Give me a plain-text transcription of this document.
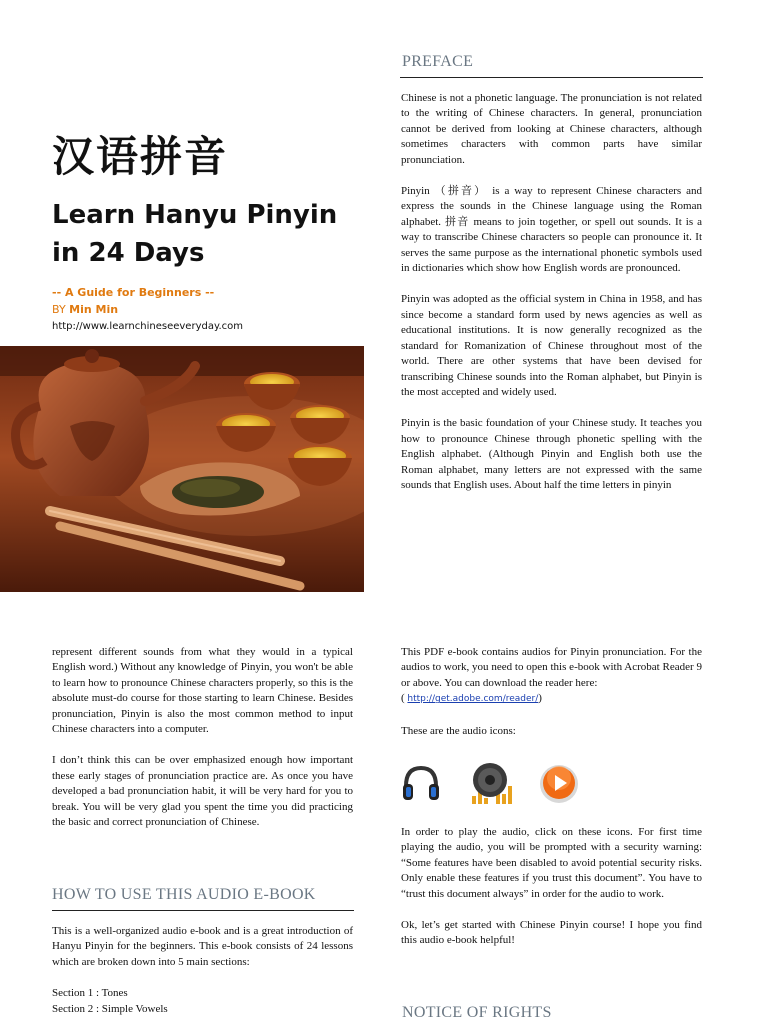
汉语拼音
Learn Hanyu Pinyin
in 24 Days
-- A Guide for Beginners --
BY Min Min
http://www.learnchineseeveryday.com
PREFACE

Chinese is not a phonetic language. The pronunciation is not related to the writing of Chinese characters. In general, pronunciation cannot be derived from looking at Chinese characters, although sometimes characters with common parts have similar pronunciation.

Pinyin （拼音） is a way to represent Chinese characters and express the sounds in the Chinese language using the Roman alphabet. 拼音 means to join together, or spell out sounds. It is a way to transcribe Chinese characters so people can pronounce it. It serves the same purpose as the international phonetic symbols used in dictionaries which show how English words are pronounced.

Pinyin was adopted as the official system in China in 1958, and has since become a standard form used by news agencies as well as educational institutions. It is now generally recognized as the standard for Romanization of Chinese throughout most of the world. There are other systems that have been devised for transcribing Chinese sounds into the Roman alphabet, but Pinyin is the most accepted and widely used.

Pinyin is the basic foundation of your Chinese study. It teaches you how to pronounce Chinese through phonetic spelling with the English alphabet. (Although Pinyin and English both use the Roman alphabet, many letters are not expressed with the same sounds that English uses. About half the time letters in pinyin

represent different sounds from what they would in a typical English word.) Without any knowledge of Pinyin, you won't be able to learn how to pronounce Chinese characters properly, so this is the absolute must-do course for those starting to learn Chinese. Besides pronunciation, Pinyin is also the most common method to input Chinese characters into a computer.

I don’t think this can be over emphasized enough how important these early stages of pronunciation practice are. As once you have developed a bad pronunciation habit, it will be very hard for you to break. You will be very glad you spent the time you did practicing the basic and correct pronunciation of Chinese.

HOW TO USE THIS AUDIO E-BOOK

This is a well-organized audio e-book and is a great introduction of Hanyu Pinyin for the beginners. This e-book consists of 24 lessons which are broken down into 5 main sections:

Section 1 : Tones

Section 2 : Simple Vowels

This PDF e-book contains audios for Pinyin pronunciation. For the audios to work, you need to open this e-book with Acrobat Reader 9 or above. You can download the reader here:

( http://get.adobe.com/reader/)

These are the audio icons:

In order to play the audio, click on these icons. For first time playing the audio, you will be prompted with a security warning: “Some features have been disabled to avoid potential security risks. Only enable these features if you trust this document”. You have to “trust this document always” in order for the audio to work.

Ok, let’s get started with Chinese Pinyin course! I hope you find this audio e-book helpful!

NOTICE OF RIGHTS
